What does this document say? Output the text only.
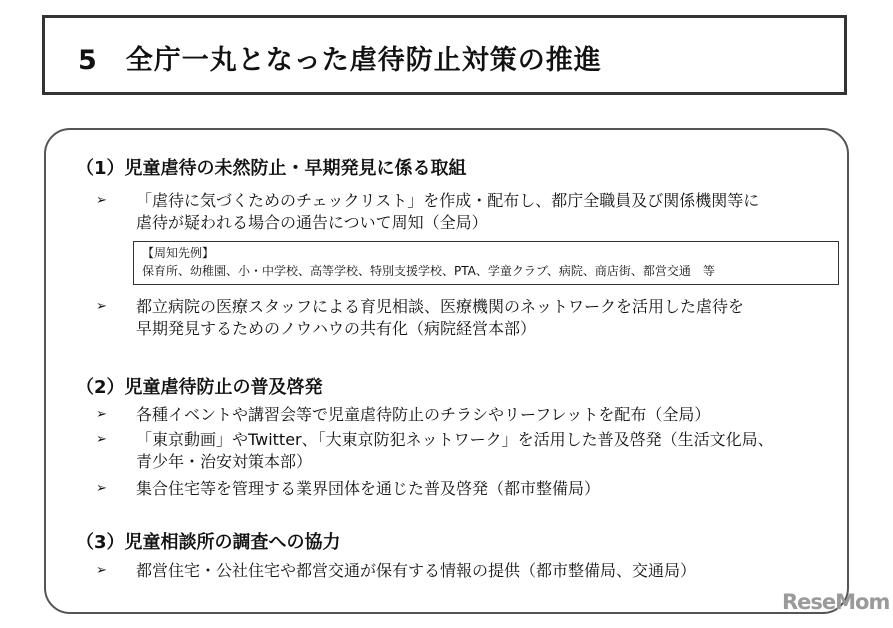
5　全庁一丸となった虐待防止対策の推進
（1）児童虐待の未然防止・早期発見に係る取組
➢ 「虐待に気づくためのチェックリスト」を作成・配布し、都庁全職員及び関係機関等に
虐待が疑われる場合の通告について周知（全局）
【周知先例】
保育所、幼稚園、小・中学校、高等学校、特別支援学校、PTA、学童クラブ、病院、商店街、都営交通　等
➢ 都立病院の医療スタッフによる育児相談、医療機関のネットワークを活用した虐待を
早期発見するためのノウハウの共有化（病院経営本部）
（2）児童虐待防止の普及啓発
➢ 各種イベントや講習会等で児童虐待防止のチラシやリーフレットを配布（全局）
➢ 「東京動画」やTwitter、「大東京防犯ネットワーク」を活用した普及啓発（生活文化局、
青少年・治安対策本部）
➢ 集合住宅等を管理する業界団体を通じた普及啓発（都市整備局）
（3）児童相談所の調査への協力
➢ 都営住宅・公社住宅や都営交通が保有する情報の提供（都市整備局、交通局）
ReseMom
